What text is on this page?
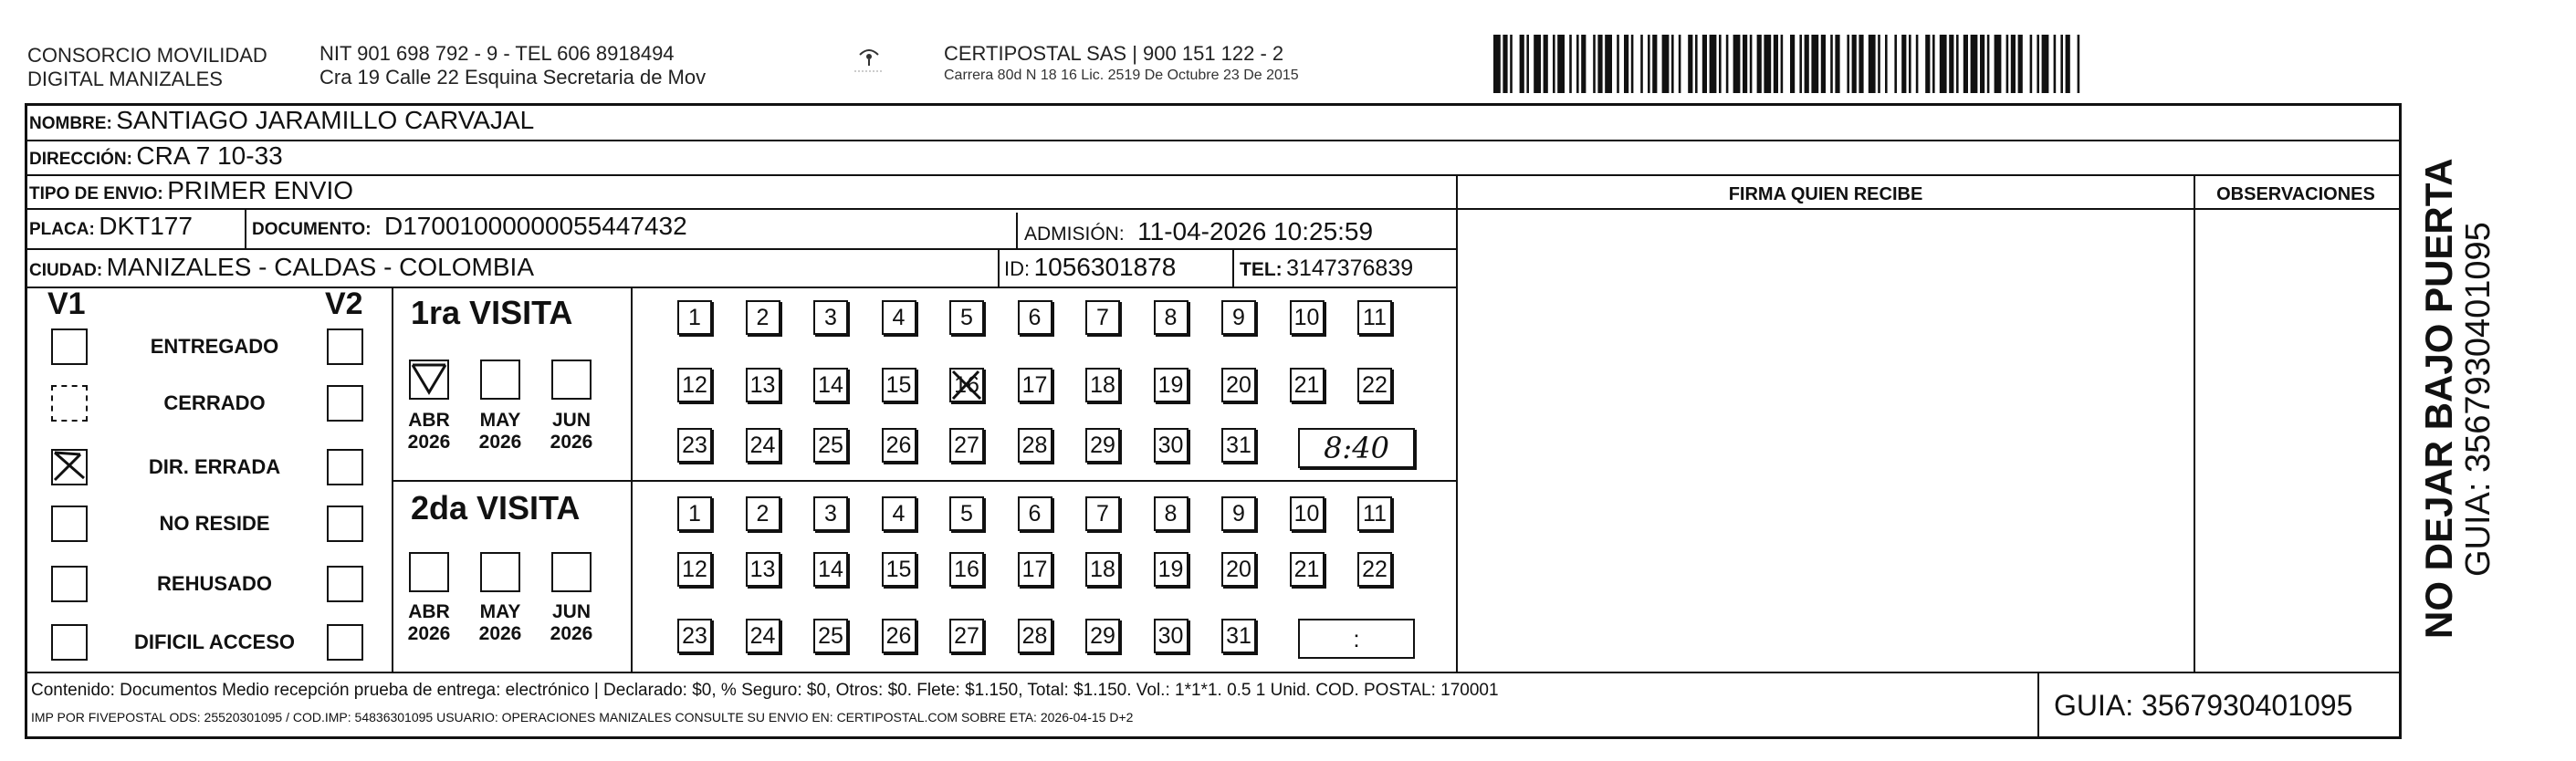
CONSORCIO MOVILIDAD
DIGITAL MANIZALES
NIT 901 698 792 - 9 - TEL 606 8918494
Cra 19 Calle 22 Esquina Secretaria de Mov
CERTIPOSTAL SAS | 900 151 122 - 2
Carrera 80d N 18 16 Lic. 2519 De Octubre 23 De 2015
NOMBRE: SANTIAGO JARAMILLO CARVAJAL
DIRECCIÓN: CRA 7 10-33
TIPO DE ENVIO: PRIMER ENVIO	FIRMA QUIEN RECIBE	OBSERVACIONES
PLACA: DKT177	DOCUMENTO: D17001000000055447432	ADMISIÓN: 11-04-2026 10:25:59
CIUDAD: MANIZALES - CALDAS - COLOMBIA	ID: 1056301878	TEL: 3147376839
V1	V2
ENTREGADO
CERRADO
DIR. ERRADA
NO RESIDE
REHUSADO
DIFICIL ACCESO
1ra VISITA
ABR
2026
MAY
2026
JUN
2026
2da VISITA
ABR
2026
MAY
2026
JUN
2026
1	2	3	4	5	6	7	8	9	10 11
12 13 14 15 16 17 18 19 20 21 22
23 24 25 26 27 28 29 30 31
1	2	3	4	5	6	7	8	9	10 11
12 13 14 15 16 17 18 19 20 21 22
23 24 25 26 27 28 29 30 31
8:40
:
Contenido: Documentos Medio recepción prueba de entrega: electrónico | Declarado: $0, % Seguro: $0, Otros: $0. Flete: $1.150, Total: $1.150. Vol.: 1*1*1. 0.5 1 Unid. COD. POSTAL: 170001
IMP POR FIVEPOSTAL ODS: 25520301095 / COD.IMP: 54836301095 USUARIO: OPERACIONES MANIZALES CONSULTE SU ENVIO EN: CERTIPOSTAL.COM SOBRE ETA: 2026-04-15 D+2	GUIA: 3567930401095
NO DEJAR BAJO PUERTA GUIA: 3567930401095
